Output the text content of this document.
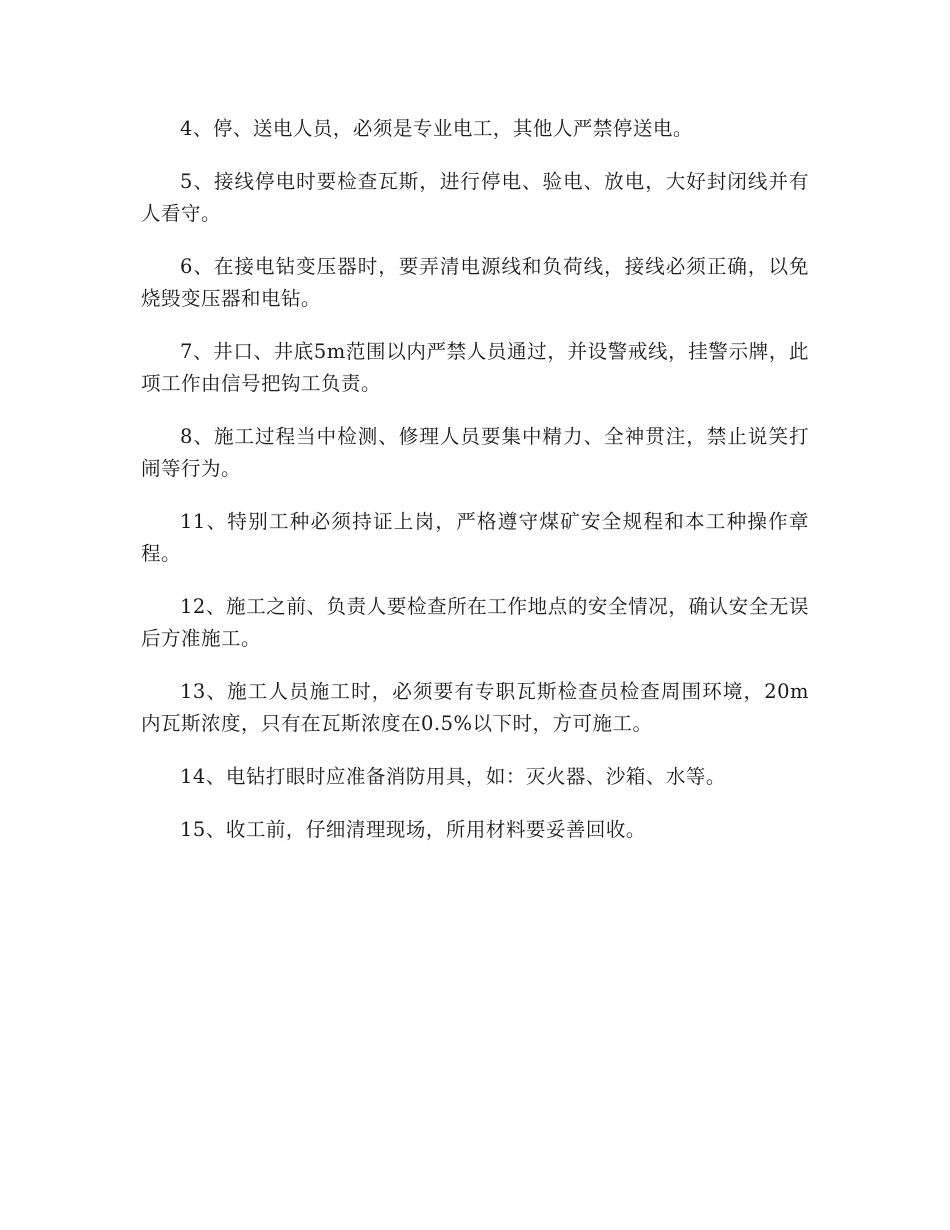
4、停、送电人员，必须是专业电工，其他人严禁停送电。

5、接线停电时要检查瓦斯，进行停电、验电、放电，大好封闭线并有人看守。

6、在接电钻变压器时，要弄清电源线和负荷线，接线必须正确，以免烧毁变压器和电钻。

7、井口、井底5m范围以内严禁人员通过，并设警戒线，挂警示牌，此项工作由信号把钩工负责。

8、施工过程当中检测、修理人员要集中精力、全神贯注，禁止说笑打闹等行为。

11、特别工种必须持证上岗，严格遵守煤矿安全规程和本工种操作章程。

12、施工之前、负责人要检查所在工作地点的安全情况，确认安全无误后方准施工。

13、施工人员施工时，必须要有专职瓦斯检查员检查周围环境，20m内瓦斯浓度，只有在瓦斯浓度在0.5%以下时，方可施工。

14、电钻打眼时应准备消防用具，如：灭火器、沙箱、水等。

15、收工前，仔细清理现场，所用材料要妥善回收。
